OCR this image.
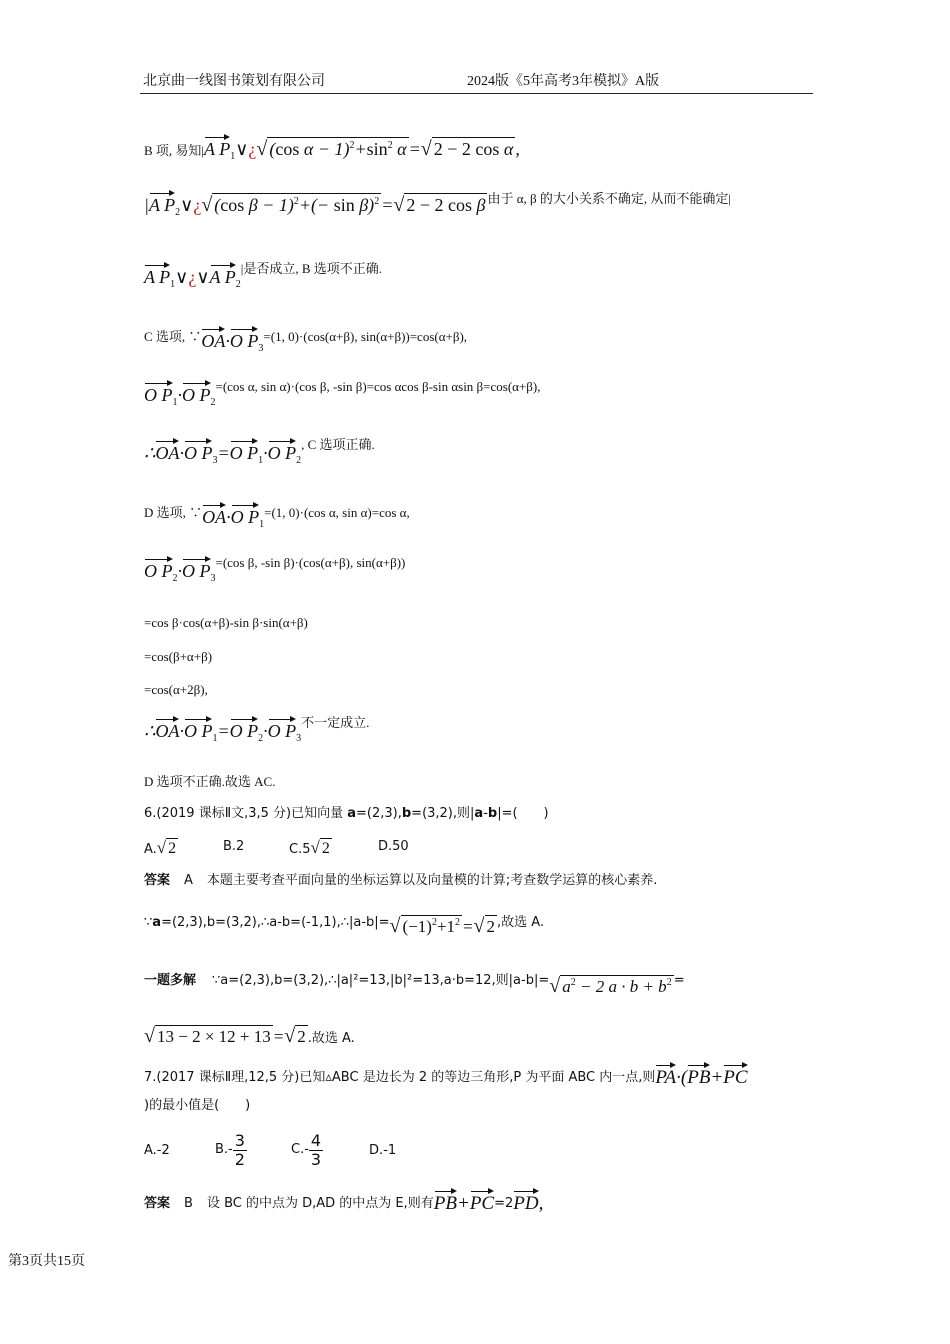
北京曲一线图书策划有限公司	2024版《5年高考3年模拟》A版
B 项, 易知|A $P_1\vee¿√$ (cos $\alpha - 1)^2+\sin^2$ α =√ 2 − 2 cos α ,
|A $P_2\vee¿√$ (cos $\beta - 1)^2+(- \sin \beta)^2$ =√ 2 − 2 cos β 由于 α, β 的大小关系不确定, 从而不能确定|
A $P_1\vee¿\vee A$ $P_2|$是否成立, B 选项不正确.
C 选项, ∵OA·O $P_3=(1$, 0)·(cos(α+β), sin(α+β))=cos(α+β),
O $P_1\cdot O$ $P_2=(\cos$ α, sin α)·(cos β, -sin β)=cos αcos β-sin αsin β=cos(α+β),
∴OA·O $P_3=O$ $P_1\cdot O$ $P_2$, C 选项正确.
D 选项, ∵OA·O $P_1=(1$, 0)·(cos α, sin α)=cos α,
O $P_2\cdot O$ $P_3=(\cos$ β, -sin β)·(cos(α+β), sin(α+β))
=cos β·cos(α+β)-sin β·sin(α+β)
=cos(β+α+β)
=cos(α+2β),
∴OA·O $P_1=O$ $P_2\cdot O$ $P_3$不一定成立.
D 选项不正确.故选 AC.
6.(2019 课标Ⅱ文,3,5 分)已知向量 a=(2,3),b=(3,2),则|a-b|=(　　)
A.√ 2	B.2	C.5√ 2	D.50
答案 A 本题主要考查平面向量的坐标运算以及向量模的计算;考查数学运算的核心素养.
∵a=(2,3),b=(3,2),∴a-b=(-1,1),∴|a-b|=√ $(-1)^2+1^2$ =√ 2 ,故选 A.
一题多解 ∵a=(2,3),b=(3,2),∴|a|²=13,|b|²=13,a·b=12,则|a-b|=√ $a^2 - 2$ $a \cdot b + b^2$ =
√ 13 − 2 × 12 + 13 =√ 2 .故选 A.
7.(2017 课标Ⅱ理,12,5 分)已知▵ABC 是边长为 2 的等边三角形,P 为平面 ABC 内一点,则PA·(PB+PC
)的最小值是(　　)
A.-2	$B.- \frac{3}{2}$	$C.- \frac{4}{3}$	D.-1
答案 B 设 BC 的中点为 D,AD 的中点为 E,则有PB+PC=2PD,
第3页共15页
